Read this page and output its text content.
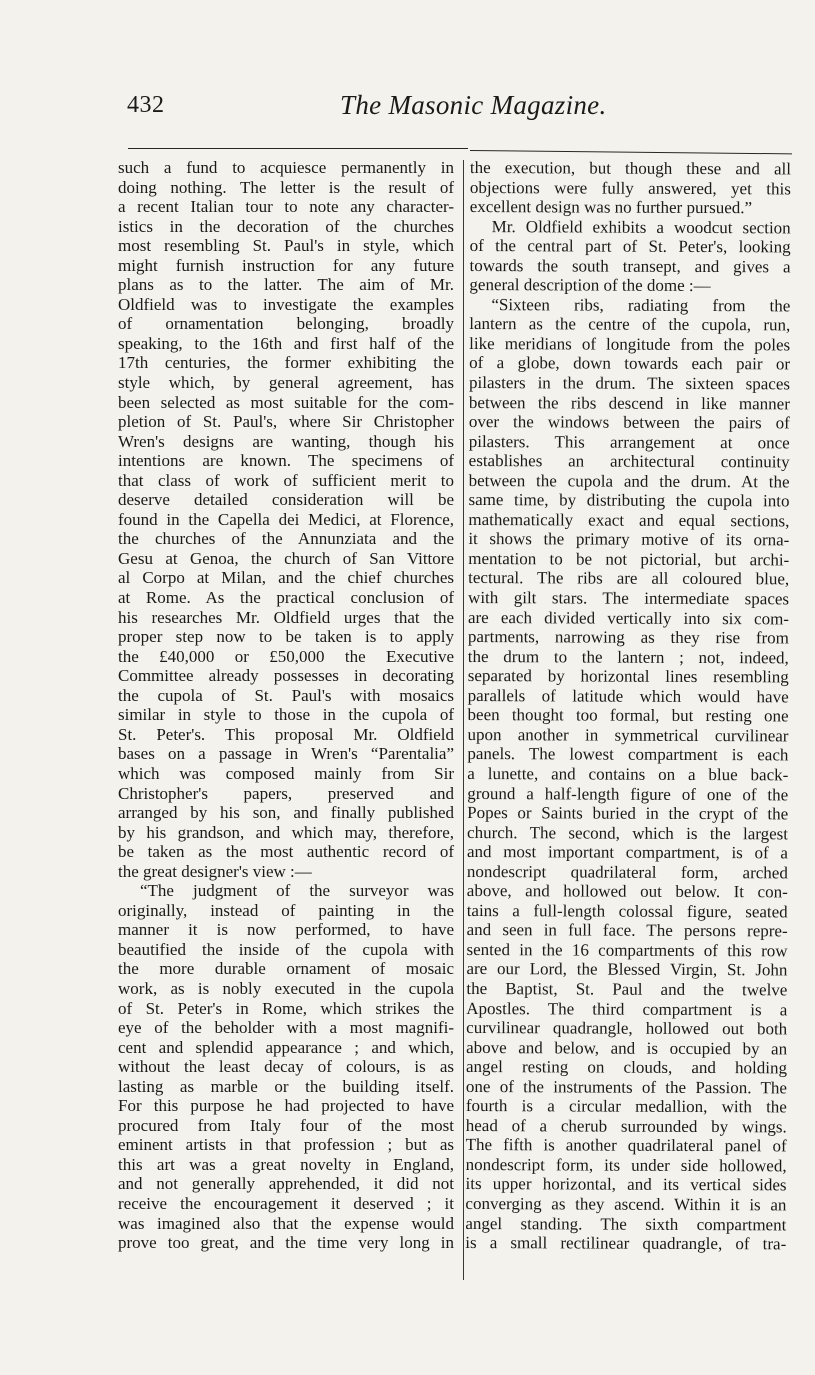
432	The Masonic Magazine.
such a fund to acquiesce permanently in
doing nothing. The letter is the result of
a recent Italian tour to note any character-
istics in the decoration of the churches
most resembling St. Paul's in style, which
might furnish instruction for any future
plans as to the latter. The aim of Mr.
Oldfield was to investigate the examples
of ornamentation belonging, broadly
speaking, to the 16th and first half of the
17th centuries, the former exhibiting the
style which, by general agreement, has
been selected as most suitable for the com-
pletion of St. Paul's, where Sir Christopher
Wren's designs are wanting, though his
intentions are known. The specimens of
that class of work of sufficient merit to
deserve detailed consideration will be
found in the Capella dei Medici, at Florence,
the churches of the Annunziata and the
Gesu at Genoa, the church of San Vittore
al Corpo at Milan, and the chief churches
at Rome. As the practical conclusion of
his researches Mr. Oldfield urges that the
proper step now to be taken is to apply
the £40,000 or £50,000 the Executive
Committee already possesses in decorating
the cupola of St. Paul's with mosaics
similar in style to those in the cupola of
St. Peter's. This proposal Mr. Oldfield
bases on a passage in Wren's “Parentalia”
which was composed mainly from Sir
Christopher's papers, preserved and
arranged by his son, and finally published
by his grandson, and which may, therefore,
be taken as the most authentic record of
the great designer's view :—
“The judgment of the surveyor was
originally, instead of painting in the
manner it is now performed, to have
beautified the inside of the cupola with
the more durable ornament of mosaic
work, as is nobly executed in the cupola
of St. Peter's in Rome, which strikes the
eye of the beholder with a most magnifi-
cent and splendid appearance ; and which,
without the least decay of colours, is as
lasting as marble or the building itself.
For this purpose he had projected to have
procured from Italy four of the most
eminent artists in that profession ; but as
this art was a great novelty in England,
and not generally apprehended, it did not
receive the encouragement it deserved ; it
was imagined also that the expense would
prove too great, and the time very long in
the execution, but though these and all
objections were fully answered, yet this
excellent design was no further pursued.”
Mr. Oldfield exhibits a woodcut section
of the central part of St. Peter's, looking
towards the south transept, and gives a
general description of the dome :—
“Sixteen ribs, radiating from the
lantern as the centre of the cupola, run,
like meridians of longitude from the poles
of a globe, down towards each pair or
pilasters in the drum. The sixteen spaces
between the ribs descend in like manner
over the windows between the pairs of
pilasters. This arrangement at once
establishes an architectural continuity
between the cupola and the drum. At the
same time, by distributing the cupola into
mathematically exact and equal sections,
it shows the primary motive of its orna-
mentation to be not pictorial, but archi-
tectural. The ribs are all coloured blue,
with gilt stars. The intermediate spaces
are each divided vertically into six com-
partments, narrowing as they rise from
the drum to the lantern ; not, indeed,
separated by horizontal lines resembling
parallels of latitude which would have
been thought too formal, but resting one
upon another in symmetrical curvilinear
panels. The lowest compartment is each
a lunette, and contains on a blue back-
ground a half-length figure of one of the
Popes or Saints buried in the crypt of the
church. The second, which is the largest
and most important compartment, is of a
nondescript quadrilateral form, arched
above, and hollowed out below. It con-
tains a full-length colossal figure, seated
and seen in full face. The persons repre-
sented in the 16 compartments of this row
are our Lord, the Blessed Virgin, St. John
the Baptist, St. Paul and the twelve
Apostles. The third compartment is a
curvilinear quadrangle, hollowed out both
above and below, and is occupied by an
angel resting on clouds, and holding
one of the instruments of the Passion. The
fourth is a circular medallion, with the
head of a cherub surrounded by wings.
The fifth is another quadrilateral panel of
nondescript form, its under side hollowed,
its upper horizontal, and its vertical sides
converging as they ascend. Within it is an
angel standing. The sixth compartment
is a small rectilinear quadrangle, of tra-
